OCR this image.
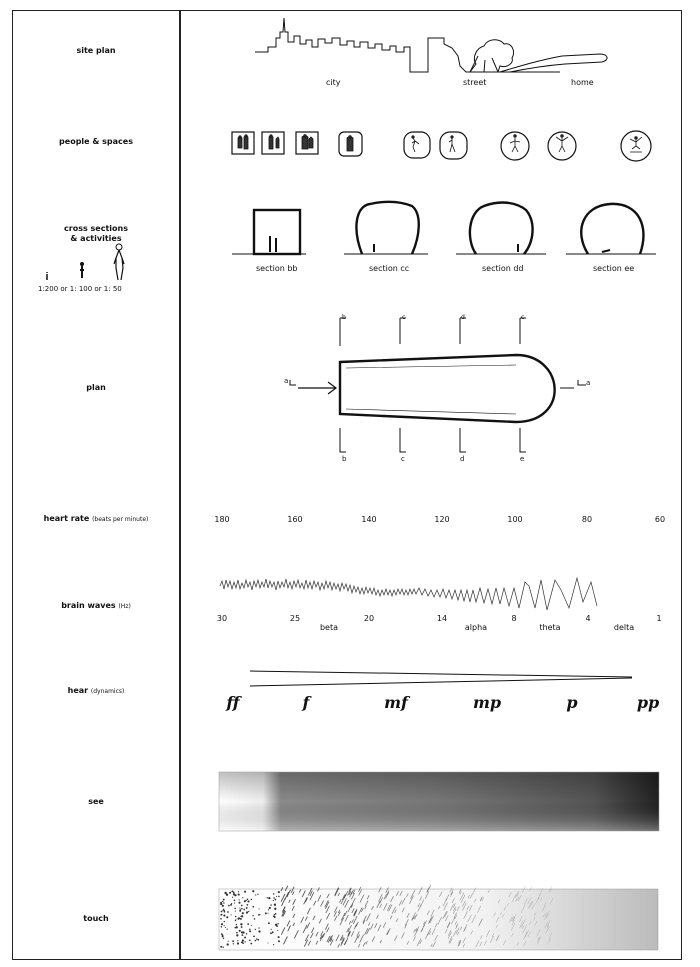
site plan
people & spaces
cross sections
& activities
plan
heart rate (beats per minute)
brain waves (Hz)
hear (dynamics)
see
touch
city	street	home
1:200 or 1: 100 or 1: 50
section bb	section cc	section dd	section ee
a	a
b	c	d	c
b	c	d	e
180	160	140	120	100	80	60
30	25	20	14	8	4	1
beta	alpha	theta	delta
ff	f	mf	mp	p	pp
